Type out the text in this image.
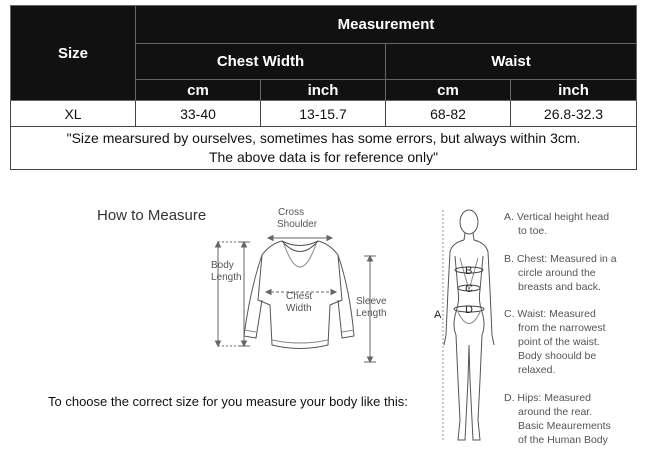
Size	Measurement			
	Chest Width		Waist	
	cm	inch	cm	inch
XL	33-40	13-15.7	68-82	26.8-32.3

"Size mearsured by ourselves, sometimes has some errors, but always within 3cm.
The above data is for reference only"				
How to Measure	Cross
Shoulder
Body
Length
Chest
Width
Sleeve
Length
B
C
D
A
To choose the correct size for you measure your body like this:
A. Vertical height head
to toe.
B. Chest: Measured in a
circle around the
breasts and back.
C. Waist: Measured
from the narrowest
point of the waist.
Body shoould be
relaxed.
D. Hips: Measured
around the rear.
Basic Meaurements
of the Human Body
